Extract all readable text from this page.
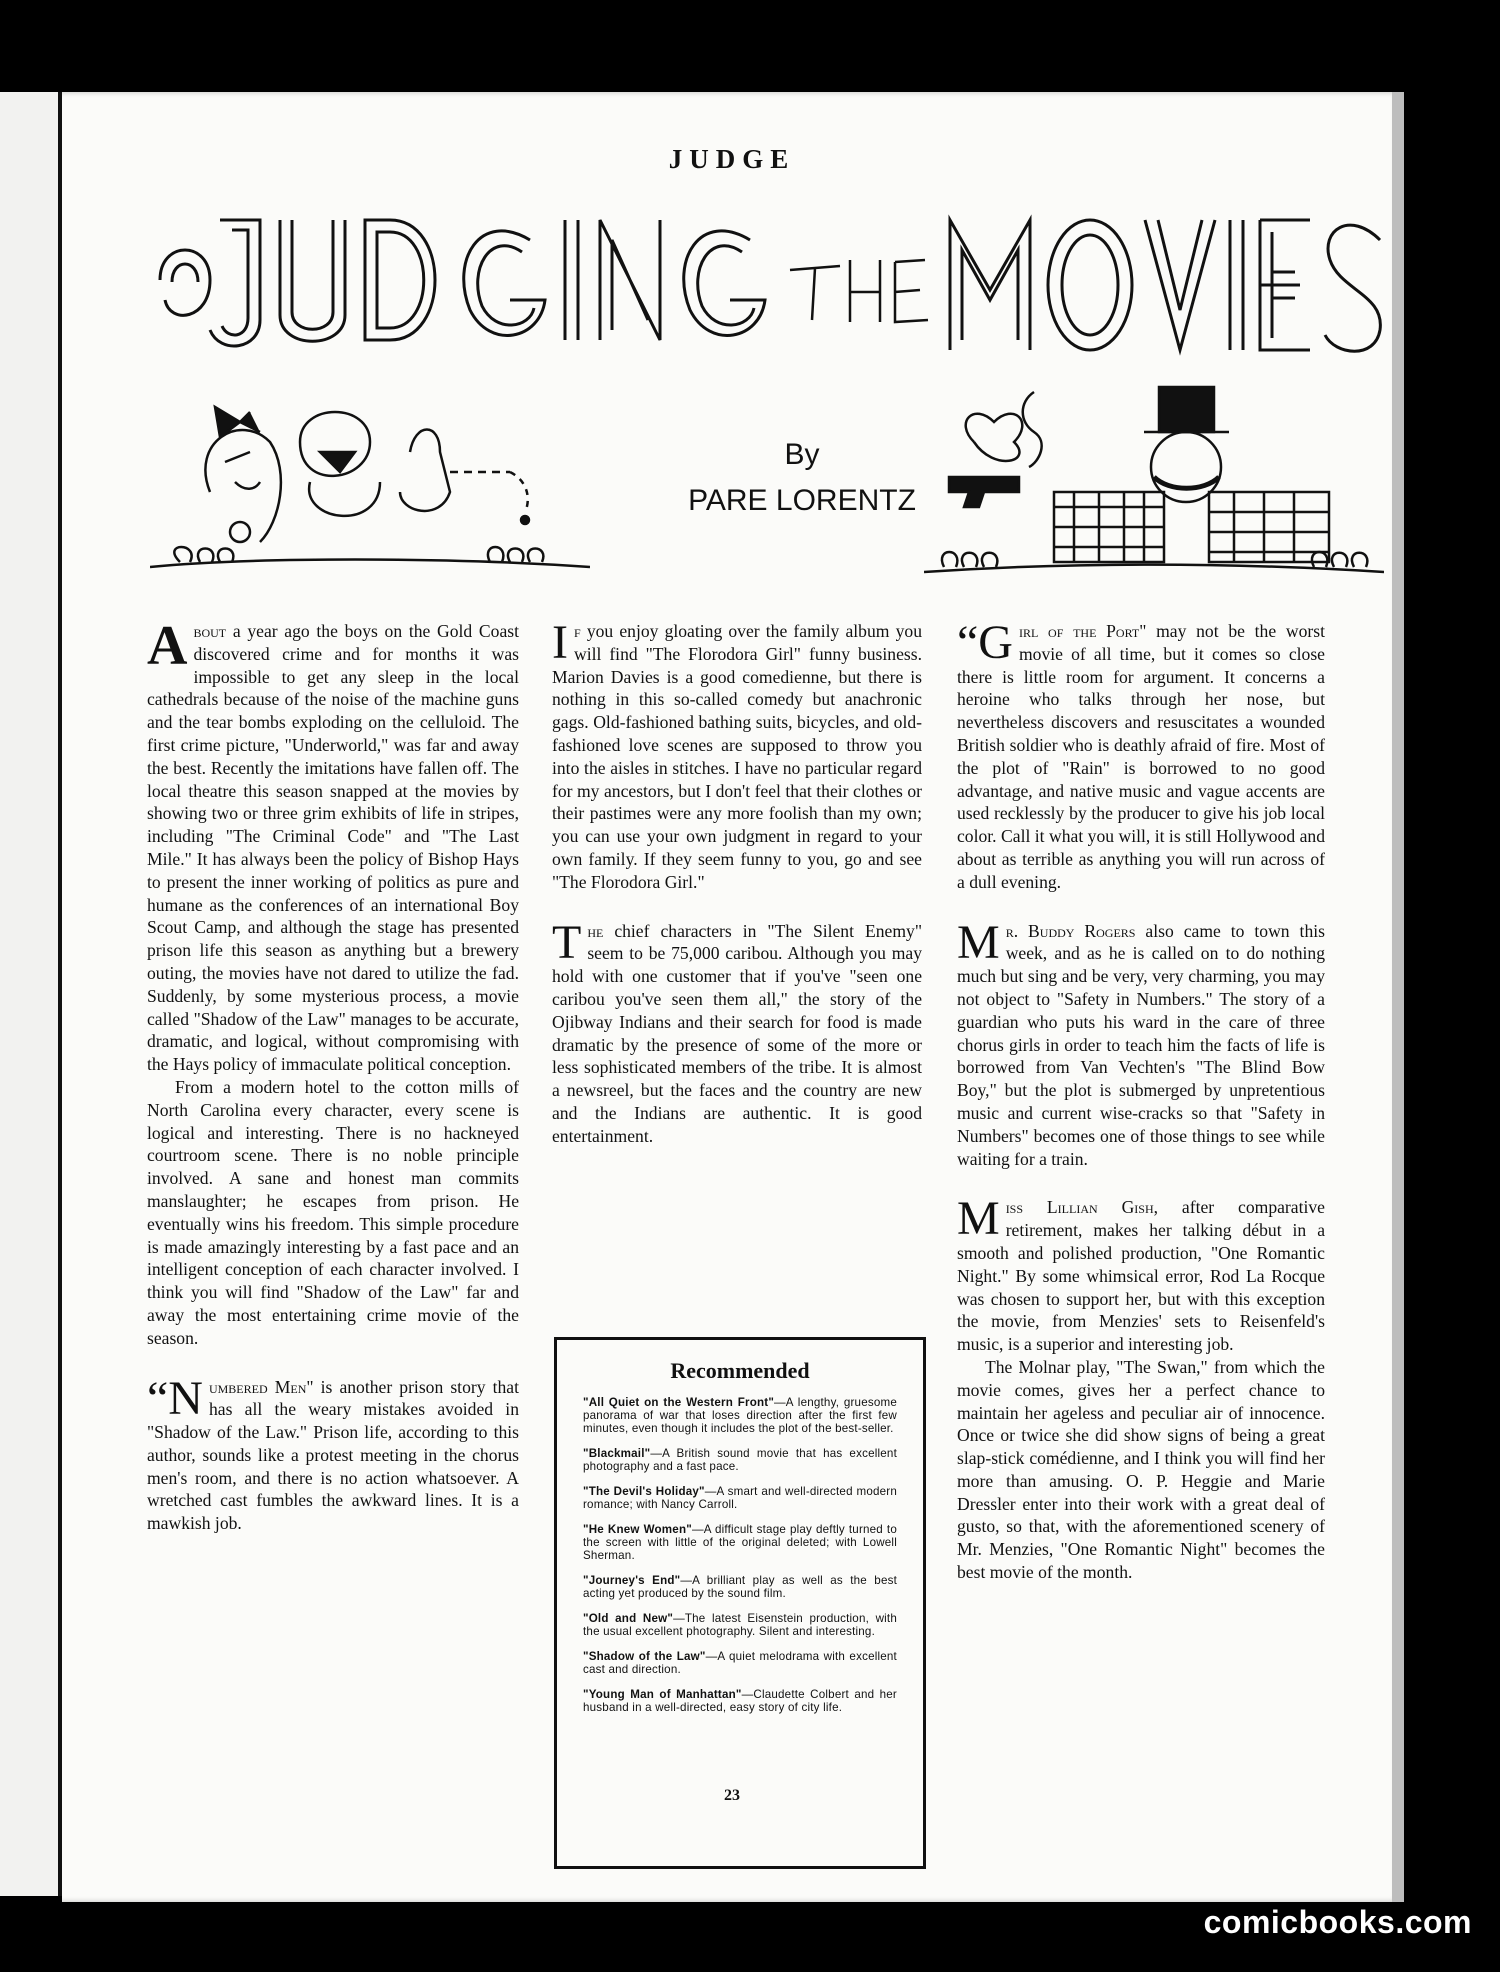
JUDGE
By
PARE LORENTZ

About a year ago the boys on the Gold Coast discovered crime and for months it was impossible to get any sleep in the local cathedrals because of the noise of the machine guns and the tear bombs exploding on the celluloid. The first crime picture, "Underworld," was far and away the best. Recently the imitations have fallen off. The local theatre this season snapped at the movies by showing two or three grim exhibits of life in stripes, including "The Criminal Code" and "The Last Mile." It has always been the policy of Bishop Hays to present the inner working of politics as pure and humane as the conferences of an international Boy Scout Camp, and although the stage has presented prison life this season as anything but a brewery outing, the movies have not dared to utilize the fad. Suddenly, by some mysterious process, a movie called "Shadow of the Law" manages to be accurate, dramatic, and logical, without compromising with the Hays policy of immaculate political conception.

From a modern hotel to the cotton mills of North Carolina every character, every scene is logical and interesting. There is no hackneyed courtroom scene. There is no noble principle involved. A sane and honest man commits manslaughter; he escapes from prison. He eventually wins his freedom. This simple procedure is made amazingly interesting by a fast pace and an intelligent conception of each character involved. I think you will find "Shadow of the Law" far and away the most entertaining crime movie of the season.

“Numbered Men" is another prison story that has all the weary mistakes avoided in "Shadow of the Law." Prison life, according to this author, sounds like a protest meeting in the chorus men's room, and there is no action whatsoever. A wretched cast fumbles the awkward lines. It is a mawkish job.

If you enjoy gloating over the family album you will find "The Florodora Girl" funny business. Marion Davies is a good comedienne, but there is nothing in this so-called comedy but anachronic gags. Old-fashioned bathing suits, bicycles, and old-fashioned love scenes are supposed to throw you into the aisles in stitches. I have no particular regard for my ancestors, but I don't feel that their clothes or their pastimes were any more foolish than my own; you can use your own judgment in regard to your own family. If they seem funny to you, go and see "The Florodora Girl."

The chief characters in "The Silent Enemy" seem to be 75,000 caribou. Although you may hold with one customer that if you've "seen one caribou you've seen them all," the story of the Ojibway Indians and their search for food is made dramatic by the presence of some of the more or less sophisticated members of the tribe. It is almost a newsreel, but the faces and the country are new and the Indians are authentic. It is good entertainment.

Recommended
"All Quiet on the Western Front"—A lengthy, gruesome panorama of war that loses direction after the first few minutes, even though it includes the plot of the best-seller.
"Blackmail"—A British sound movie that has excellent photography and a fast pace.
"The Devil's Holiday"—A smart and well-directed modern romance; with Nancy Carroll.
"He Knew Women"—A difficult stage play deftly turned to the screen with little of the original deleted; with Lowell Sherman.
"Journey's End"—A brilliant play as well as the best acting yet produced by the sound film.
"Old and New"—The latest Eisenstein production, with the usual excellent photography. Silent and interesting.
"Shadow of the Law"—A quiet melodrama with excellent cast and direction.
"Young Man of Manhattan"—Claudette Colbert and her husband in a well-directed, easy story of city life.

“Girl of the Port" may not be the worst movie of all time, but it comes so close there is little room for argument. It concerns a heroine who talks through her nose, but nevertheless discovers and resuscitates a wounded British soldier who is deathly afraid of fire. Most of the plot of "Rain" is borrowed to no good advantage, and native music and vague accents are used recklessly by the producer to give his job local color. Call it what you will, it is still Hollywood and about as terrible as anything you will run across of a dull evening.

Mr. Buddy Rogers also came to town this week, and as he is called on to do nothing much but sing and be very, very charming, you may not object to "Safety in Numbers." The story of a guardian who puts his ward in the care of three chorus girls in order to teach him the facts of life is borrowed from Van Vechten's "The Blind Bow Boy," but the plot is submerged by unpretentious music and current wise-cracks so that "Safety in Numbers" becomes one of those things to see while waiting for a train.

Miss Lillian Gish, after comparative retirement, makes her talking début in a smooth and polished production, "One Romantic Night." By some whimsical error, Rod La Rocque was chosen to support her, but with this exception the movie, from Menzies' sets to Reisenfeld's music, is a superior and interesting job.

The Molnar play, "The Swan," from which the movie comes, gives her a perfect chance to maintain her ageless and peculiar air of innocence. Once or twice she did show signs of being a great slap-stick comédienne, and I think you will find her more than amusing. O. P. Heggie and Marie Dressler enter into their work with a great deal of gusto, so that, with the aforementioned scenery of Mr. Menzies, "One Romantic Night" becomes the best movie of the month.

23
comicbooks.com
